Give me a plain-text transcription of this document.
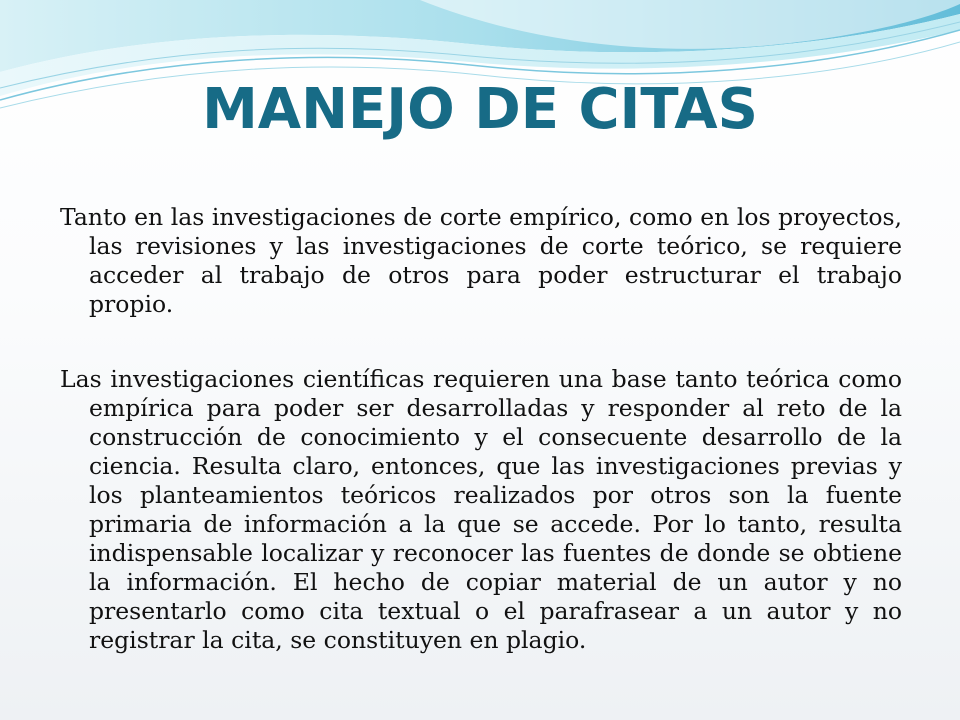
MANEJO DE CITAS

Tanto en las investigaciones de corte empírico, como en los proyectos, las revisiones y las investigaciones de corte teórico, se requiere acceder al trabajo de otros para poder estructurar el trabajo propio.

Las investigaciones científicas requieren una base tanto teórica como empírica para poder ser desarrolladas y responder al reto de la construcción de conocimiento y el consecuente desarrollo de la ciencia. Resulta claro, entonces, que las investigaciones previas y los planteamientos teóricos realizados por otros son la fuente primaria de información a la que se accede. Por lo tanto, resulta indispensable localizar y reconocer las fuentes de donde se obtiene la información. El hecho de copiar material de un autor y no presentarlo como cita textual o el parafrasear a un autor y no registrar la cita, se constituyen en plagio.
